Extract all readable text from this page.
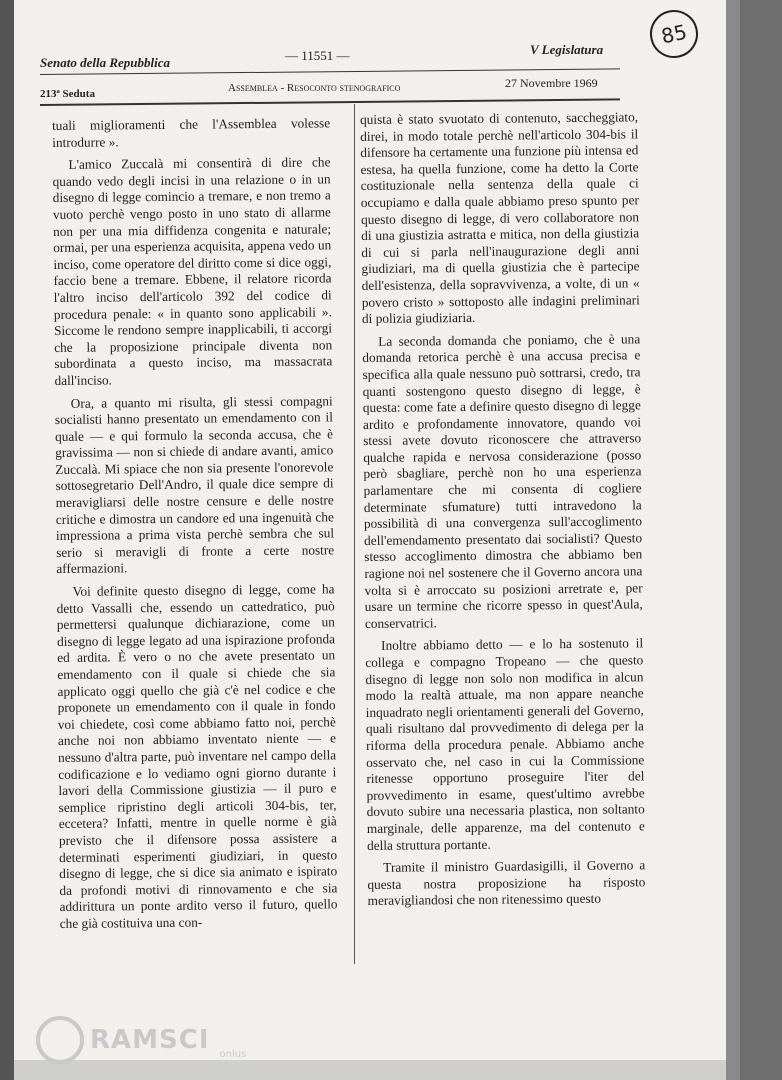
85
Senato della Repubblica	— 11551 —	V Legislatura
213ª Seduta	Assemblea - Resoconto stenografico	27 Novembre 1969

tuali miglioramenti che l'Assemblea volesse introdurre ».

L'amico Zuccalà mi consentirà di dire che quando vedo degli incisi in una relazione o in un disegno di legge comincio a tremare, e non tremo a vuoto perchè vengo posto in uno stato di allarme non per una mia diffidenza congenita e naturale; ormai, per una esperienza acquisita, appena vedo un inciso, come operatore del diritto come si dice oggi, faccio bene a tremare. Ebbene, il relatore ricorda l'altro inciso dell'articolo 392 del codice di procedura penale: « in quanto sono applicabili ». Siccome le rendono sempre inapplicabili, ti accorgi che la proposizione principale diventa non subordinata a questo inciso, ma massacrata dall'inciso.

Ora, a quanto mi risulta, gli stessi compagni socialisti hanno presentato un emendamento con il quale — e qui formulo la seconda accusa, che è gravissima — non si chiede di andare avanti, amico Zuccalà. Mi spiace che non sia presente l'onorevole sottosegretario Dell'Andro, il quale dice sempre di meravigliarsi delle nostre censure e delle nostre critiche e dimostra un candore ed una ingenuità che impressiona a prima vista perchè sembra che sul serio si meravigli di fronte a certe nostre affermazioni.

Voi definite questo disegno di legge, come ha detto Vassalli che, essendo un cattedratico, può permettersi qualunque dichiarazione, come un disegno di legge legato ad una ispirazione profonda ed ardita. È vero o no che avete presentato un emendamento con il quale si chiede che sia applicato oggi quello che già c'è nel codice e che proponete un emendamento con il quale in fondo voi chiedete, così come abbiamo fatto noi, perchè anche noi non abbiamo inventato niente — e nessuno d'altra parte, può inventare nel campo della codificazione e lo vediamo ogni giorno durante i lavori della Commissione giustizia — il puro e semplice ripristino degli articoli 304-bis, ter, eccetera? Infatti, mentre in quelle norme è già previsto che il difensore possa assistere a determinati esperimenti giudiziari, in questo disegno di legge, che si dice sia animato e ispirato da profondi motivi di rinnovamento e che sia addirittura un ponte ardito verso il futuro, quello che già costituiva una con-

quista è stato svuotato di contenuto, saccheggiato, direi, in modo totale perchè nell'articolo 304-bis il difensore ha certamente una funzione più intensa ed estesa, ha quella funzione, come ha detto la Corte costituzionale nella sentenza della quale ci occupiamo e dalla quale abbiamo preso spunto per questo disegno di legge, di vero collaboratore non di una giustizia astratta e mitica, non della giustizia di cui si parla nell'inaugurazione degli anni giudiziari, ma di quella giustizia che è partecipe dell'esistenza, della sopravvivenza, a volte, di un « povero cristo » sottoposto alle indagini preliminari di polizia giudiziaria.

La seconda domanda che poniamo, che è una domanda retorica perchè è una accusa precisa e specifica alla quale nessuno può sottrarsi, credo, tra quanti sostengono questo disegno di legge, è questa: come fate a definire questo disegno di legge ardito e profondamente innovatore, quando voi stessi avete dovuto riconoscere che attraverso qualche rapida e nervosa considerazione (posso però sbagliare, perchè non ho una esperienza parlamentare che mi consenta di cogliere determinate sfumature) tutti intravedono la possibilità di una convergenza sull'accoglimento dell'emendamento presentato dai socialisti? Questo stesso accoglimento dimostra che abbiamo ben ragione noi nel sostenere che il Governo ancora una volta si è arroccato su posizioni arretrate e, per usare un termine che ricorre spesso in quest'Aula, conservatrici.

Inoltre abbiamo detto — e lo ha sostenuto il collega e compagno Tropeano — che questo disegno di legge non solo non modifica in alcun modo la realtà attuale, ma non appare neanche inquadrato negli orientamenti generali del Governo, quali risultano dal provvedimento di delega per la riforma della procedura penale. Abbiamo anche osservato che, nel caso in cui la Commissione ritenesse opportuno proseguire l'iter del provvedimento in esame, quest'ultimo avrebbe dovuto subire una necessaria plastica, non soltanto marginale, delle apparenze, ma del contenuto e della struttura portante.

Tramite il ministro Guardasigilli, il Governo a questa nostra proposizione ha risposto meravigliandosi che non ritenessimo questo

RAMSCI onlus
